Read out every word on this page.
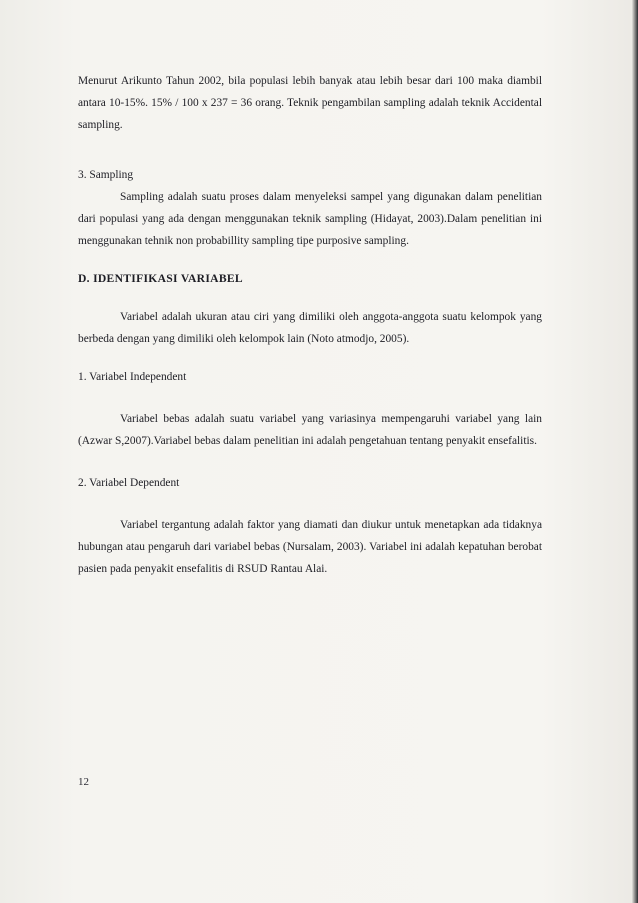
Menurut Arikunto Tahun 2002, bila populasi lebih banyak atau lebih besar dari 100 maka diambil antara 10-15%. 15% / 100 x 237 = 36 orang. Teknik pengambilan sampling adalah teknik Accidental sampling.

3. Sampling

Sampling adalah suatu proses dalam menyeleksi sampel yang digunakan dalam penelitian dari populasi yang ada dengan menggunakan teknik sampling (Hidayat, 2003).Dalam penelitian ini menggunakan tehnik non probabillity sampling tipe purposive sampling.

D. IDENTIFIKASI VARIABEL

Variabel adalah ukuran atau ciri yang dimiliki oleh anggota-anggota suatu kelompok yang berbeda dengan yang dimiliki oleh kelompok lain (Noto atmodjo, 2005).

1. Variabel Independent

Variabel bebas adalah suatu variabel yang variasinya mempengaruhi variabel yang lain (Azwar S,2007).Variabel bebas dalam penelitian ini adalah pengetahuan tentang penyakit ensefalitis.

2. Variabel Dependent

Variabel tergantung adalah faktor yang diamati dan diukur untuk menetapkan ada tidaknya hubungan atau pengaruh dari variabel bebas (Nursalam, 2003). Variabel ini adalah kepatuhan berobat pasien pada penyakit ensefalitis di RSUD Rantau Alai.

12
